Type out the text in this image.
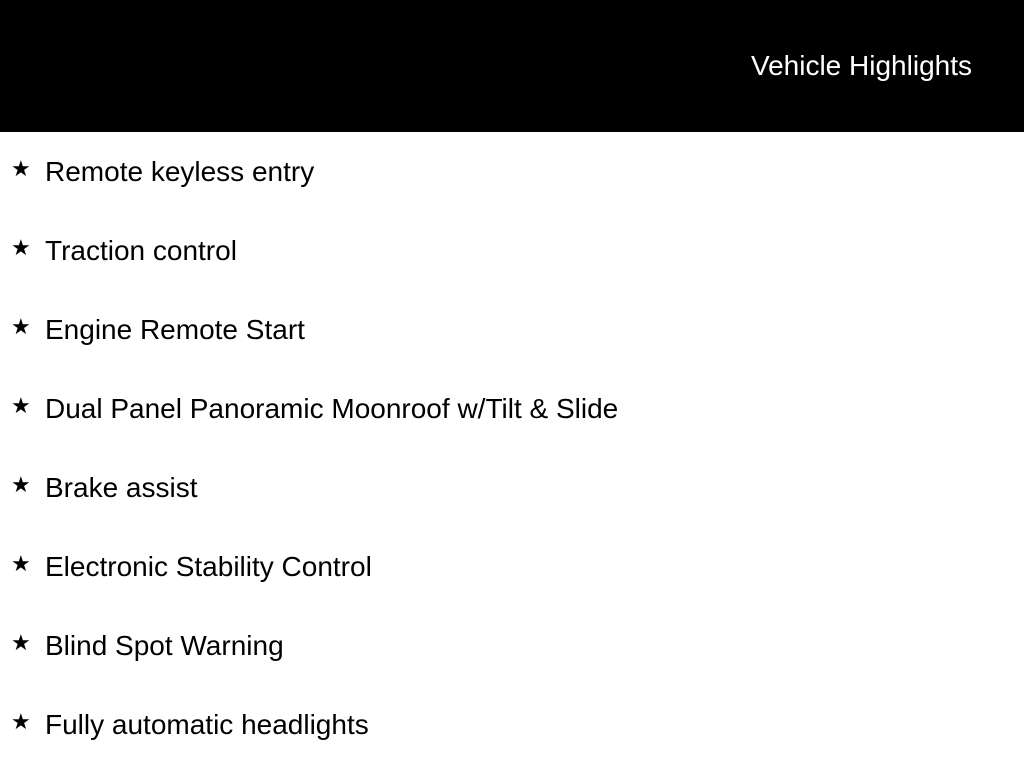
Vehicle Highlights
★ Remote keyless entry
★ Traction control
★ Engine Remote Start
★ Dual Panel Panoramic Moonroof w/Tilt & Slide
★ Brake assist
★ Electronic Stability Control
★ Blind Spot Warning
★ Fully automatic headlights
